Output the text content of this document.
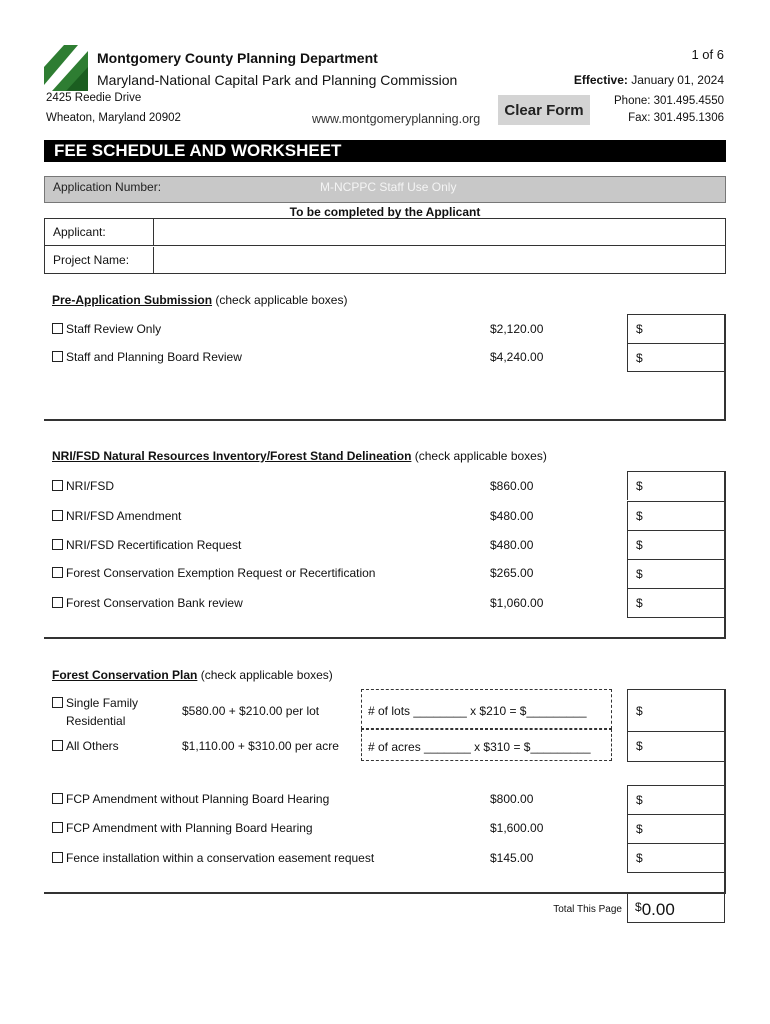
Montgomery County Planning Department
Maryland-National Capital Park and Planning Commission
2425 Reedie Drive
Wheaton, Maryland 20902	www.montgomeryplanning.org
1 of 6
Effective: January 01, 2024
Phone: 301.495.4550
Fax: 301.495.1306
Clear Form
FEE SCHEDULE AND WORKSHEET
Application Number:	M-NCPPC Staff Use Only
To be completed by the Applicant
Applicant:
Project Name:
Pre-Application Submission (check applicable boxes)
Staff Review Only	$2,120.00	$
Staff and Planning Board Review	$4,240.00	$
NRI/FSD Natural Resources Inventory/Forest Stand Delineation (check applicable boxes)
NRI/FSD	$860.00	$
NRI/FSD Amendment	$480.00	$
NRI/FSD Recertification Request	$480.00	$
Forest Conservation Exemption Request or Recertification	$265.00	$
Forest Conservation Bank review	$1,060.00	$
Forest Conservation Plan (check applicable boxes)
Single Family
Residential
$580.00 + $210.00 per lot	# of lots ________ x $210 = $_________	$
All Others	$1,110.00 + $310.00 per acre	# of acres _______ x $310 = $_________	$
FCP Amendment without Planning Board Hearing	$800.00	$
FCP Amendment with Planning Board Hearing	$1,600.00	$
Fence installation within a conservation easement request	$145.00	$
Total This Page	$0.00
